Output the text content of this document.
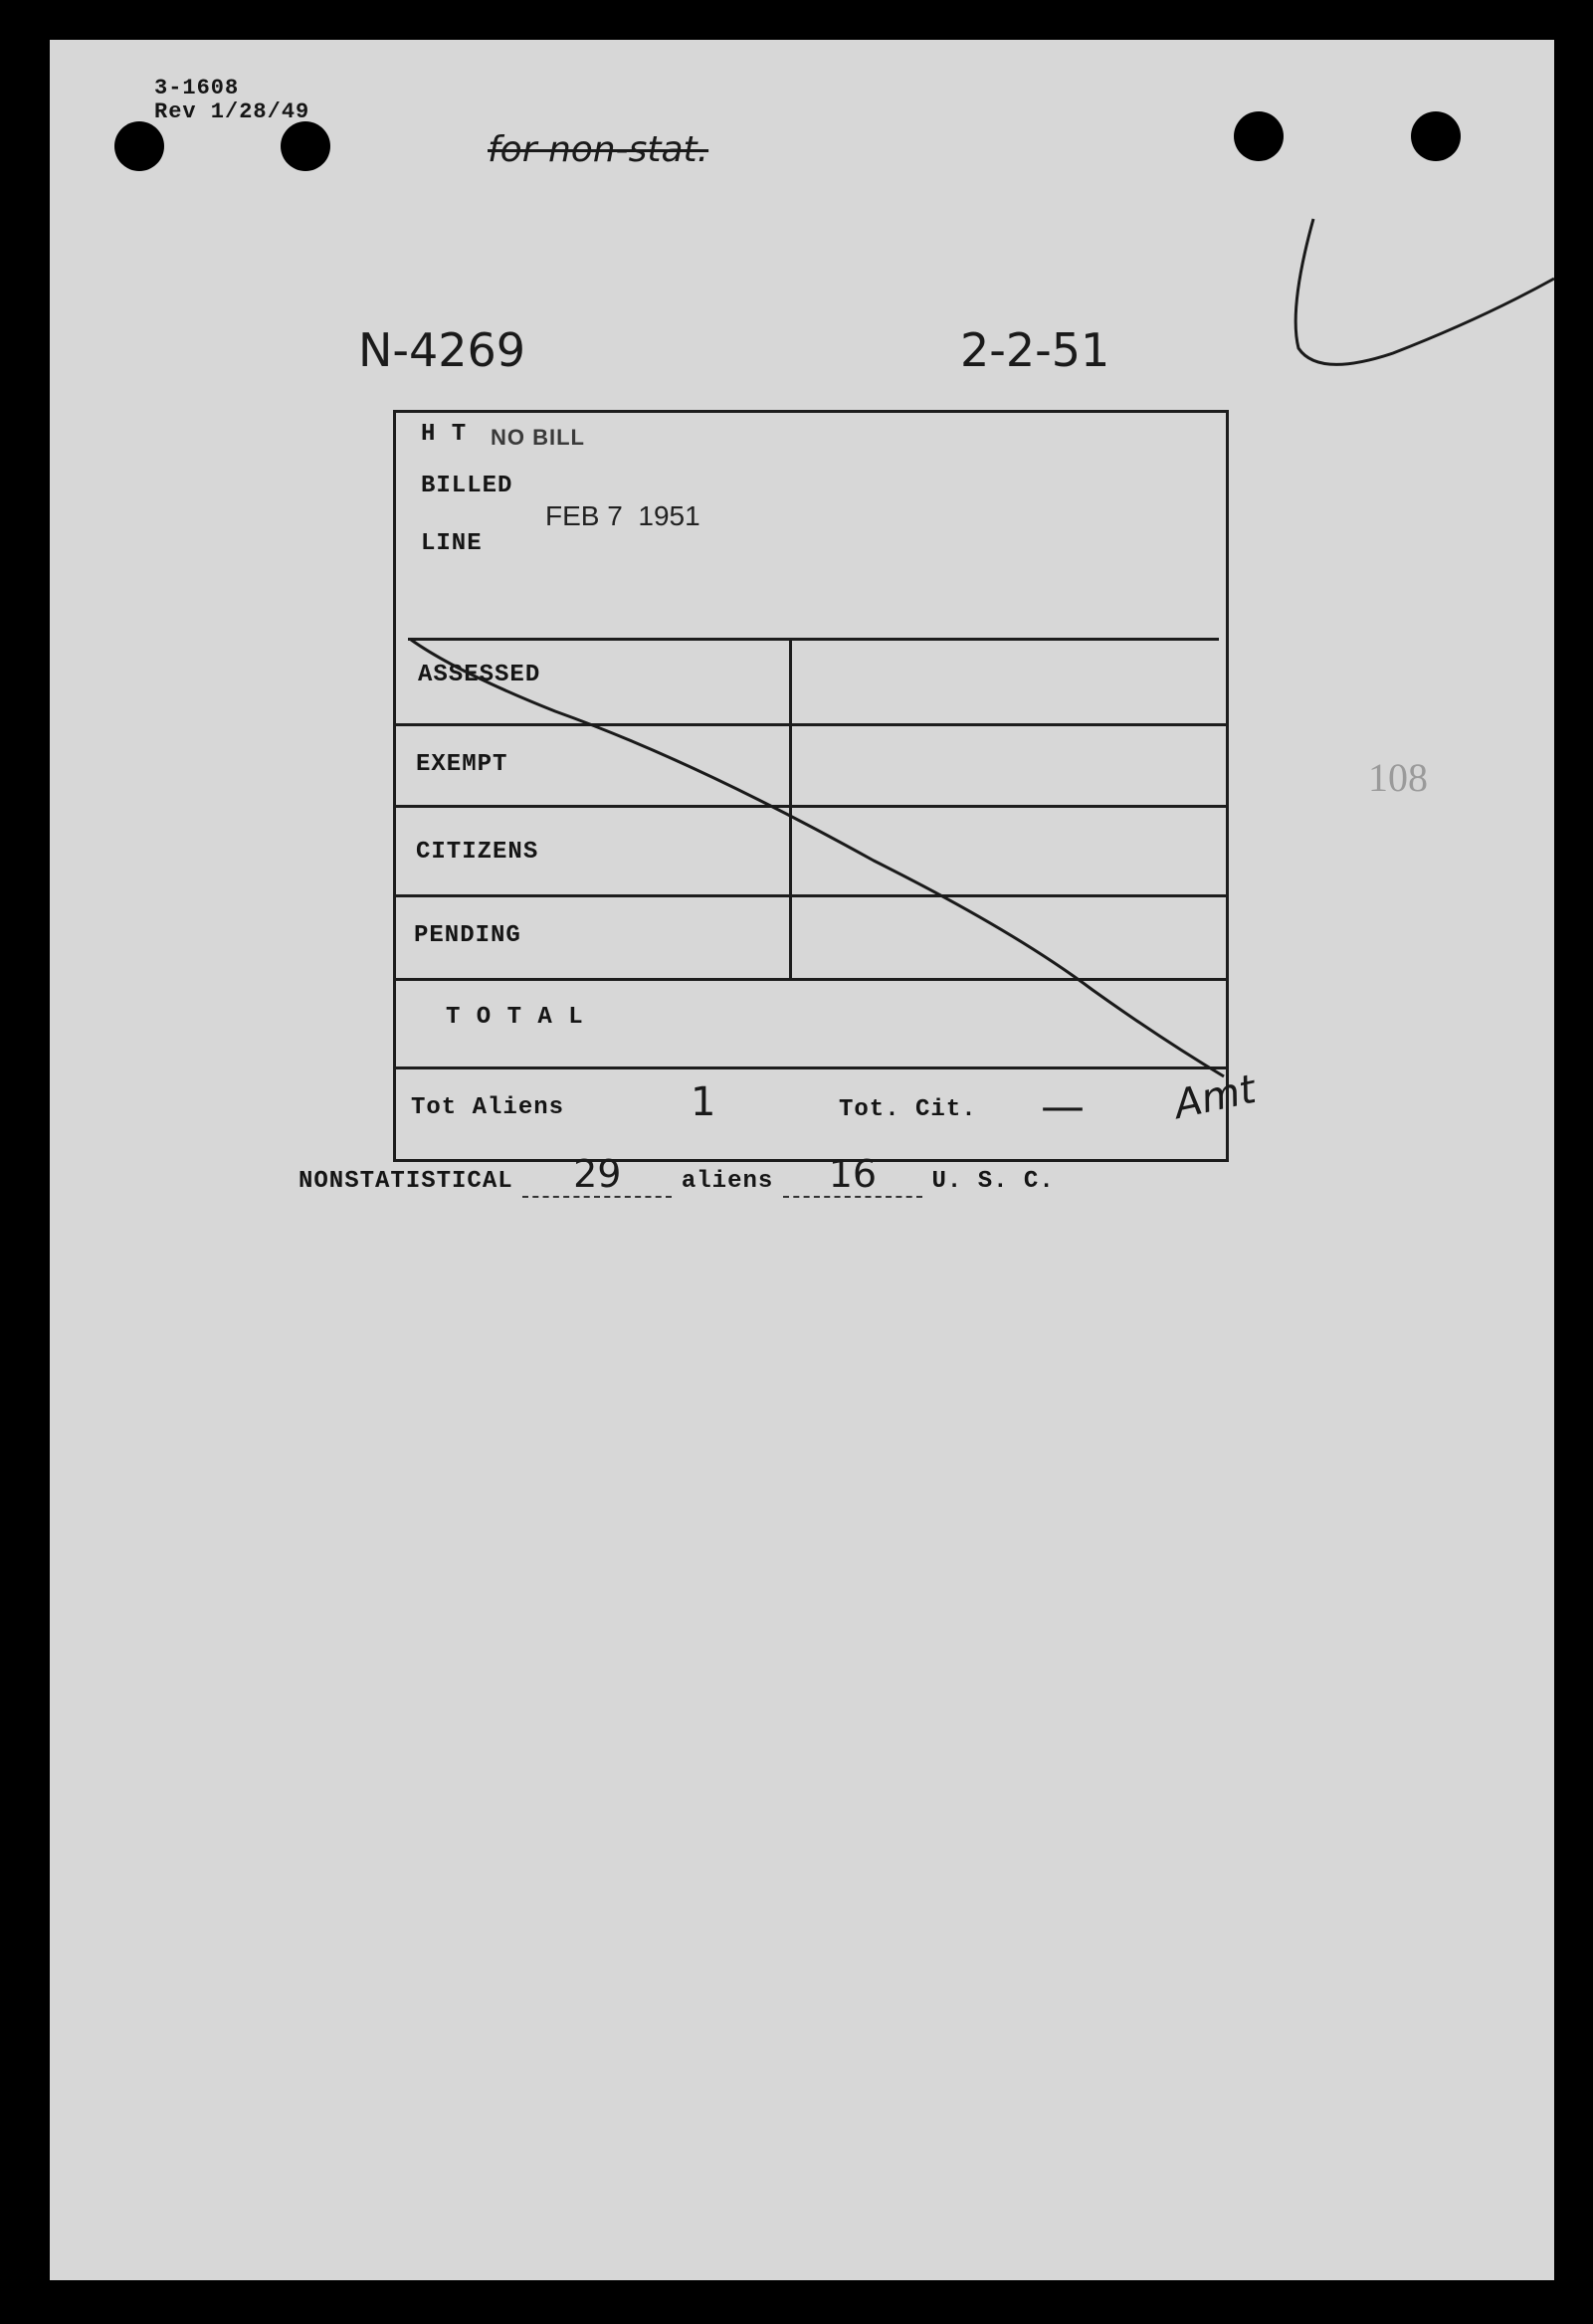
3-1608
Rev 1/28/49
for non-stat.
N-4269	2-2-51
H T NO BILL
BILLED
FEB 7  1951
LINE
ASSESSED
EXEMPT
CITIZENS
PENDING
T O T A L
Tot Aliens	1	Tot. Cit. — Amt
NONSTATISTICAL 29	aliens 16 U. S. C.
108
